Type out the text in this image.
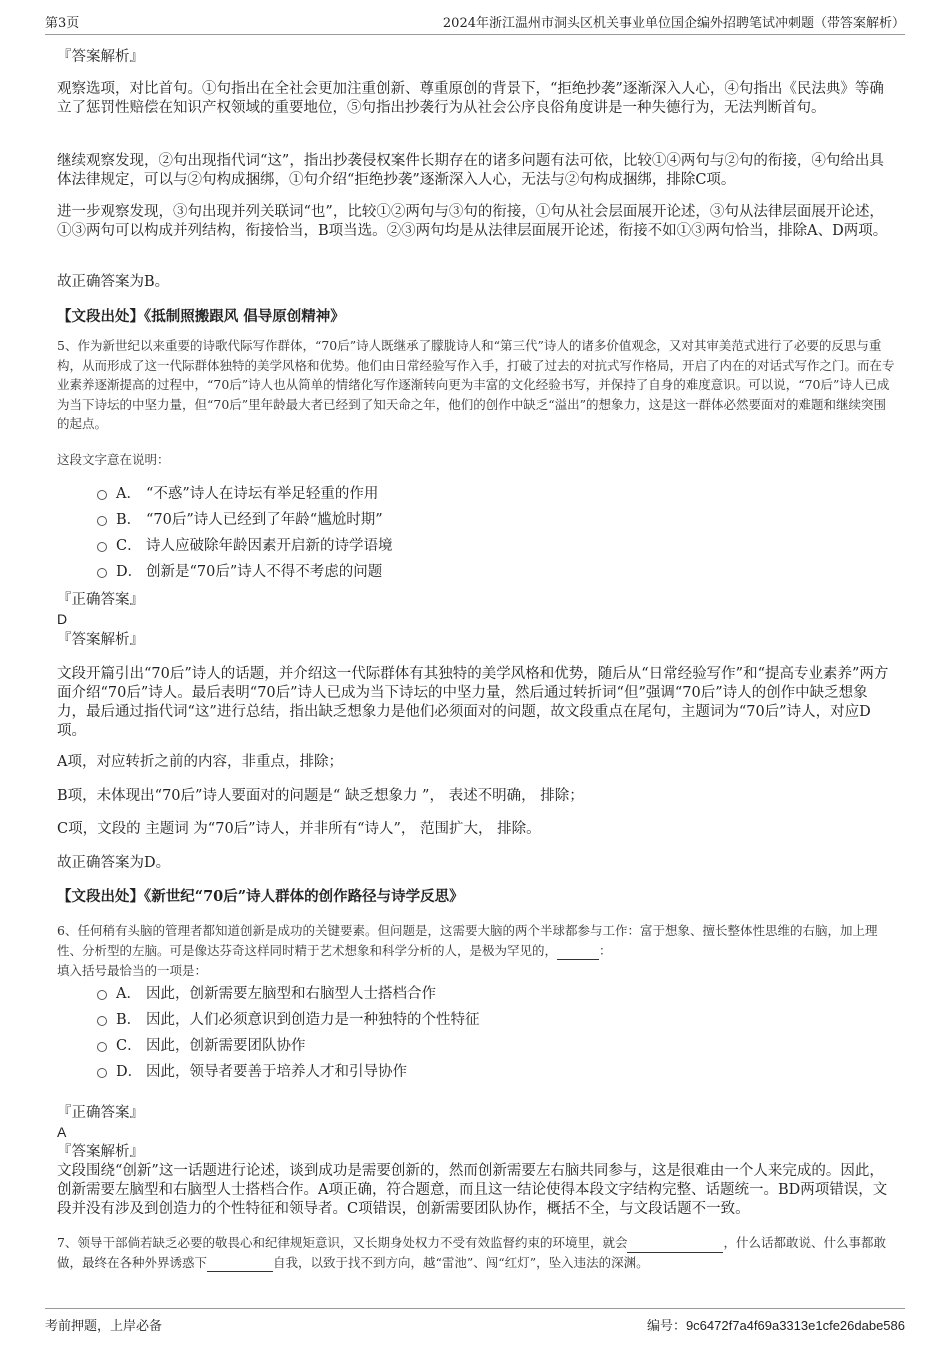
第3页	2024年浙江温州市洞头区机关事业单位国企编外招聘笔试冲刺题（带答案解析）
『答案解析』
观察选项，对比首句。①句指出在全社会更加注重创新、尊重原创的背景下，“拒绝抄袭”逐渐深入人心，④句指出《民法典》等确立了惩罚性赔偿在知识产权领域的重要地位，⑤句指出抄袭行为从社会公序良俗角度讲是一种失德行为，无法判断首句。
继续观察发现，②句出现指代词“这”，指出抄袭侵权案件长期存在的诸多问题有法可依，比较①④两句与②句的衔接，④句给出具体法律规定，可以与②句构成捆绑，①句介绍“拒绝抄袭”逐渐深入人心，无法与②句构成捆绑，排除C项。
进一步观察发现，③句出现并列关联词“也”，比较①②两句与③句的衔接，①句从社会层面展开论述，③句从法律层面展开论述，①③两句可以构成并列结构，衔接恰当，B项当选。②③两句均是从法律层面展开论述，衔接不如①③两句恰当，排除A、D两项。
故正确答案为B。
【文段出处】《抵制照搬跟风 倡导原创精神》
5、作为新世纪以来重要的诗歌代际写作群体，“70后”诗人既继承了朦胧诗人和“第三代”诗人的诸多价值观念，又对其审美范式进行了必要的反思与重构，从而形成了这一代际群体独特的美学风格和优势。他们由日常经验写作入手，打破了过去的对抗式写作格局，开启了内在的对话式写作之门。而在专业素养逐渐提高的过程中，“70后”诗人也从简单的情绪化写作逐渐转向更为丰富的文化经验书写，并保持了自身的难度意识。可以说，“70后”诗人已成为当下诗坛的中坚力量，但“70后”里年龄最大者已经到了知天命之年，他们的创作中缺乏“溢出”的想象力，这是这一群体必然要面对的难题和继续突围的起点。
这段文字意在说明：
A． “不惑”诗人在诗坛有举足轻重的作用
B． “70后”诗人已经到了年龄“尴尬时期”
C． 诗人应破除年龄因素开启新的诗学语境
D． 创新是“70后”诗人不得不考虑的问题
『正确答案』
D
『答案解析』
文段开篇引出“70后”诗人的话题，并介绍这一代际群体有其独特的美学风格和优势，随后从“日常经验写作”和“提高专业素养”两方面介绍“70后”诗人。最后表明“70后”诗人已成为当下诗坛的中坚力量，然后通过转折词“但”强调“70后”诗人的创作中缺乏想象力，最后通过指代词“这”进行总结，指出缺乏想象力是他们必须面对的问题，故文段重点在尾句，主题词为“70后”诗人，对应D项。
A项，对应转折之前的内容，非重点，排除；
B项，未体现出“70后”诗人要面对的问题是“ 缺乏想象力 ”， 表述不明确， 排除；
C项，文段的 主题词 为“70后”诗人，并非所有“诗人”， 范围扩大， 排除。
故正确答案为D。
【文段出处】《新世纪“70后”诗人群体的创作路径与诗学反思》
6、任何稍有头脑的管理者都知道创新是成功的关键要素。但问题是，这需要大脑的两个半球都参与工作：富于想象、擅长整体性思维的右脑，加上理性、分析型的左脑。可是像达芬奇这样同时精于艺术想象和科学分析的人，是极为罕见的，	：
填入括号最恰当的一项是：
A． 因此，创新需要左脑型和右脑型人士搭档合作
B． 因此，人们必须意识到创造力是一种独特的个性特征
C． 因此，创新需要团队协作
D． 因此，领导者要善于培养人才和引导协作
『正确答案』
A
『答案解析』
文段围绕“创新”这一话题进行论述，谈到成功是需要创新的，然而创新需要左右脑共同参与，这是很难由一个人来完成的。因此，创新需要左脑型和右脑型人士搭档合作。A项正确，符合题意，而且这一结论使得本段文字结构完整、话题统一。BD两项错误，文段并没有涉及到创造力的个性特征和领导者。C项错误，创新需要团队协作，概括不全，与文段话题不一致。
7、领导干部倘若缺乏必要的敬畏心和纪律规矩意识，又长期身处权力不受有效监督约束的环境里，就会	，什么话都敢说、什么事都敢做，最终在各种外界诱惑下	自我，以致于找不到方向，越“雷池”、闯“红灯”，坠入违法的深渊。
考前押题，上岸必备	编号：9c6472f7a4f69a3313e1cfe26dabe586
